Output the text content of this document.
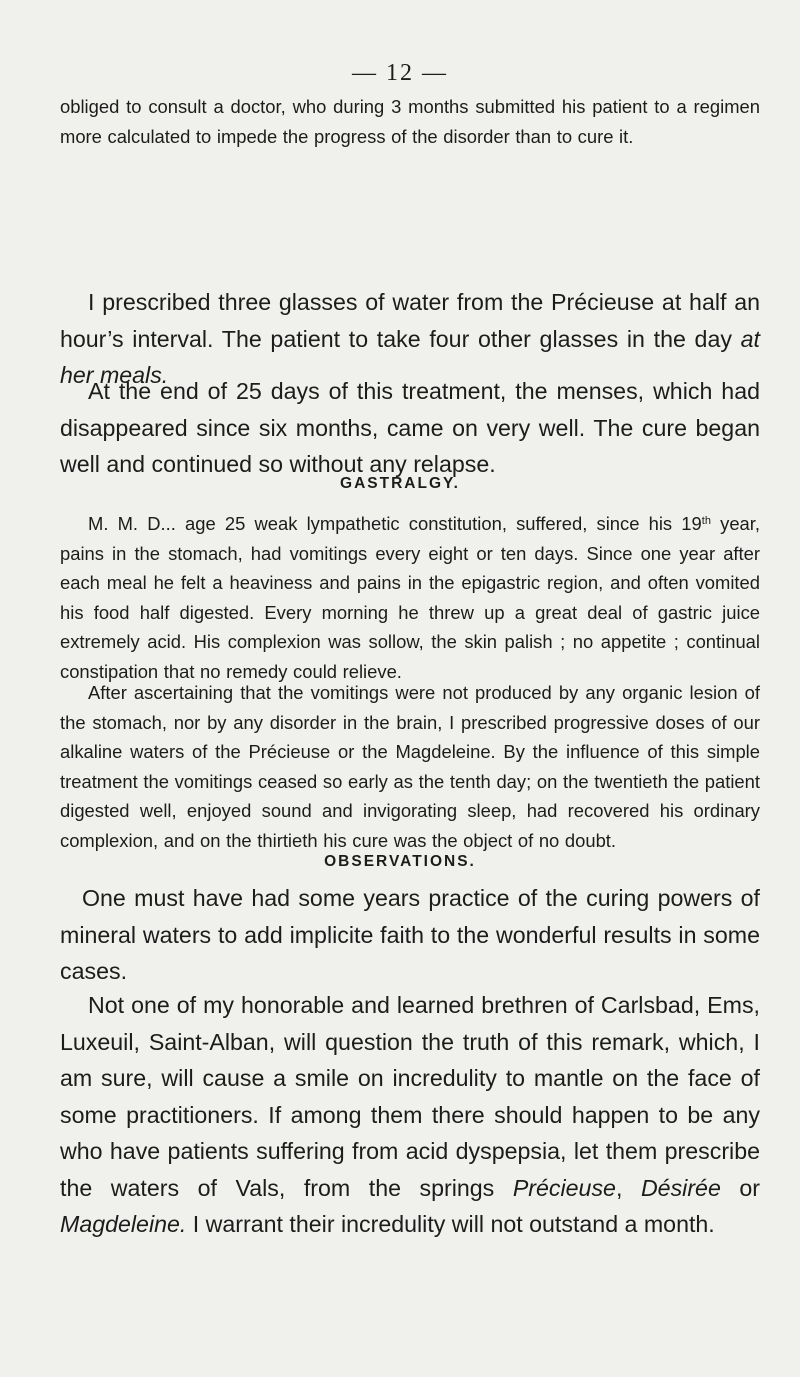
— 12 —

obliged to consult a doctor, who during 3 months submitted his patient to a regimen more calculated to impede the progress of the disorder than to cure it.

I prescribed three glasses of water from the Précieuse at half an hour’s interval. The patient to take four other glasses in the day at her meals.

At the end of 25 days of this treatment, the menses, which had disappeared since six months, came on very well. The cure began well and continued so without any relapse.

GASTRALGY.

M. M. D... age 25 weak lympathetic constitution, suffered, since his 19th year, pains in the stomach, had vomitings every eight or ten days. Since one year after each meal he felt a heaviness and pains in the epigastric region, and often vomited his food half digested. Every morning he threw up a great deal of gastric juice extremely acid. His complexion was sollow, the skin palish ; no appetite ; continual constipation that no remedy could relieve.

After ascertaining that the vomitings were not produced by any organic lesion of the stomach, nor by any disorder in the brain, I prescribed progressive doses of our alkaline waters of the Précieuse or the Magdeleine. By the influence of this simple treatment the vomitings ceased so early as the tenth day; on the twentieth the patient digested well, enjoyed sound and invigorating sleep, had recovered his ordinary complexion, and on the thirtieth his cure was the object of no doubt.

OBSERVATIONS.

One must have had some years practice of the curing powers of mineral waters to add implicite faith to the wonderful results in some cases.

Not one of my honorable and learned brethren of Carlsbad, Ems, Luxeuil, Saint-Alban, will question the truth of this remark, which, I am sure, will cause a smile on incredulity to mantle on the face of some practitioners. If among them there should happen to be any who have patients suffering from acid dyspepsia, let them prescribe the waters of Vals, from the springs Précieuse, Désirée or Magdeleine. I warrant their incredulity will not outstand a month.
